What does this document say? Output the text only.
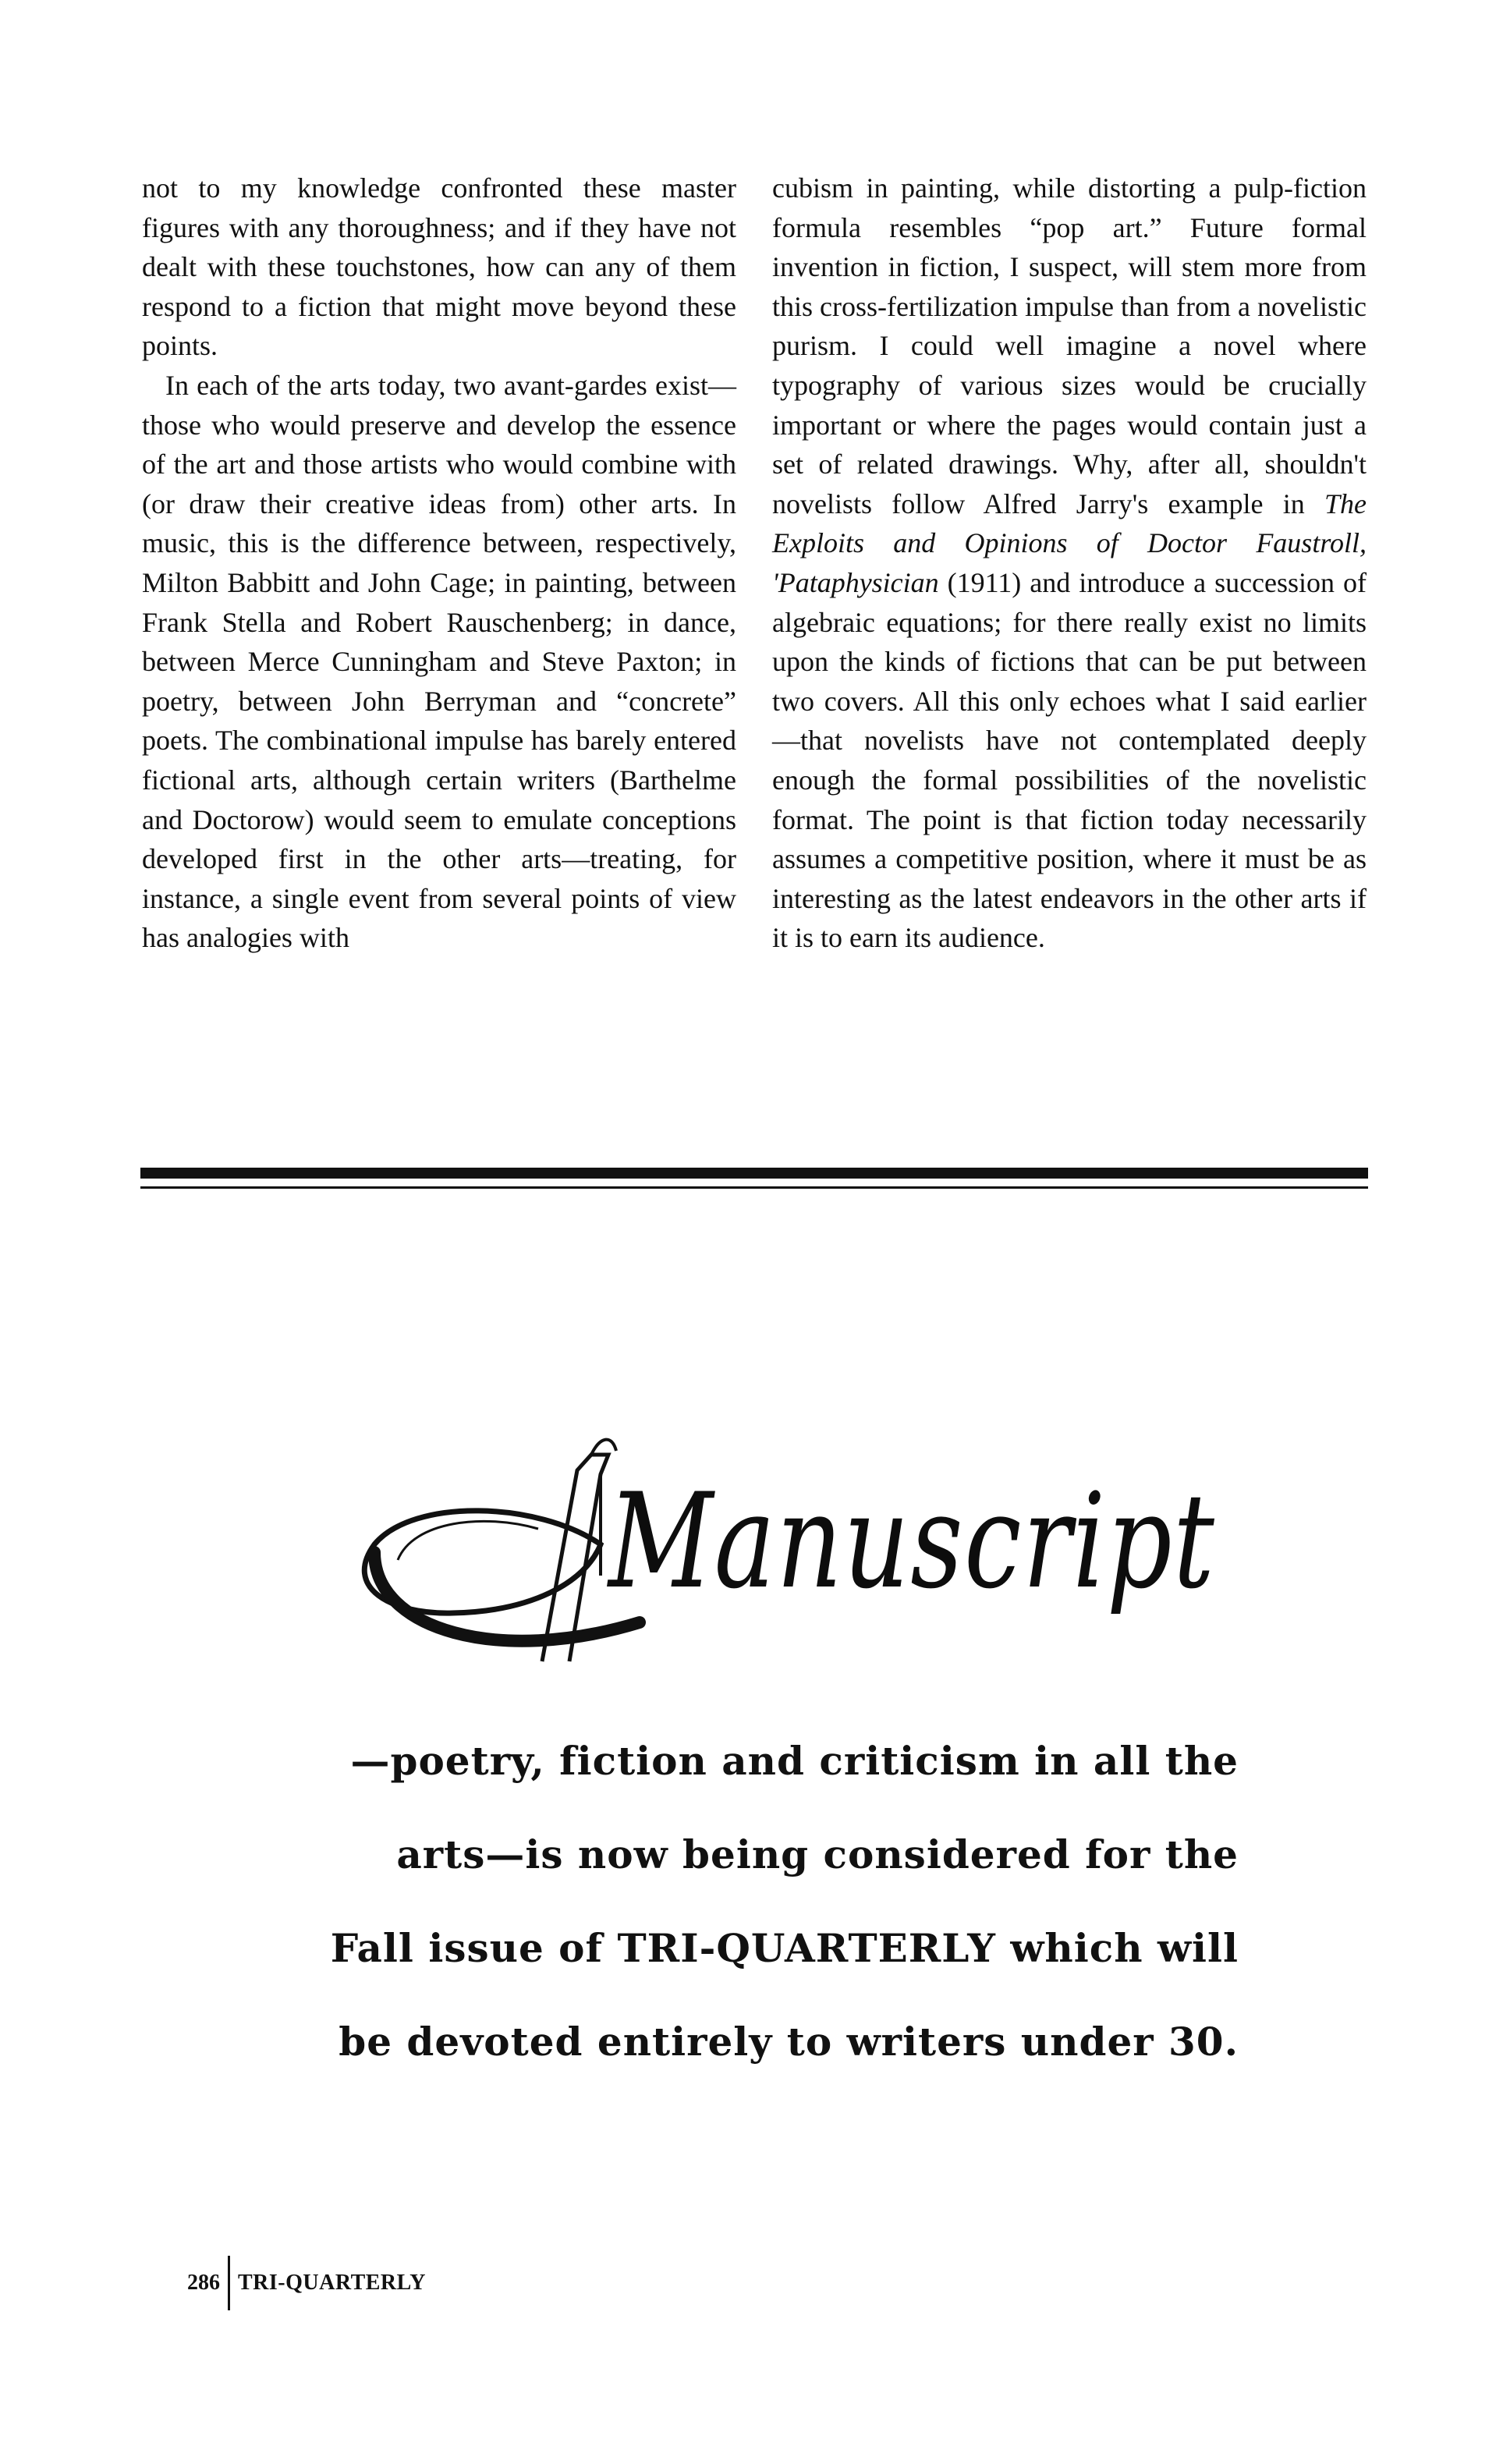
not to my knowledge confronted these master figures with any thoroughness; and if they have not dealt with these touchstones, how can any of them respond to a fiction that might move beyond these points.

In each of the arts today, two avant-gardes exist—those who would preserve and develop the essence of the art and those artists who would combine with (or draw their creative ideas from) other arts. In music, this is the difference between, respectively, Milton Babbitt and John Cage; in painting, between Frank Stella and Robert Rauschenberg; in dance, between Merce Cunningham and Steve Paxton; in poetry, between John Berryman and “concrete” poets. The combinational impulse has barely entered fictional arts, although certain writers (Barthelme and Doctorow) would seem to emulate conceptions developed first in the other arts—treating, for instance, a single event from several points of view has analogies with

cubism in painting, while distorting a pulp-fiction formula resembles “pop art.” Future formal invention in fiction, I suspect, will stem more from this cross-fertilization impulse than from a novelistic purism. I could well imagine a novel where typography of various sizes would be crucially important or where the pages would contain just a set of related drawings. Why, after all, shouldn't novelists follow Alfred Jarry's example in The Exploits and Opinions of Doctor Faustroll, 'Pataphysician (1911) and introduce a succession of algebraic equations; for there really exist no limits upon the kinds of fictions that can be put between two covers. All this only echoes what I said earlier—that novelists have not contemplated deeply enough the formal possibilities of the novelistic format. The point is that fiction today necessarily assumes a competitive position, where it must be as interesting as the latest endeavors in the other arts if it is to earn its audience.

Manuscript
—poetry, fiction and criticism in all the
arts—is now being considered for the
Fall issue of TRI-QUARTERLY which will
be devoted entirely to writers under 30.
286 TRI-QUARTERLY
